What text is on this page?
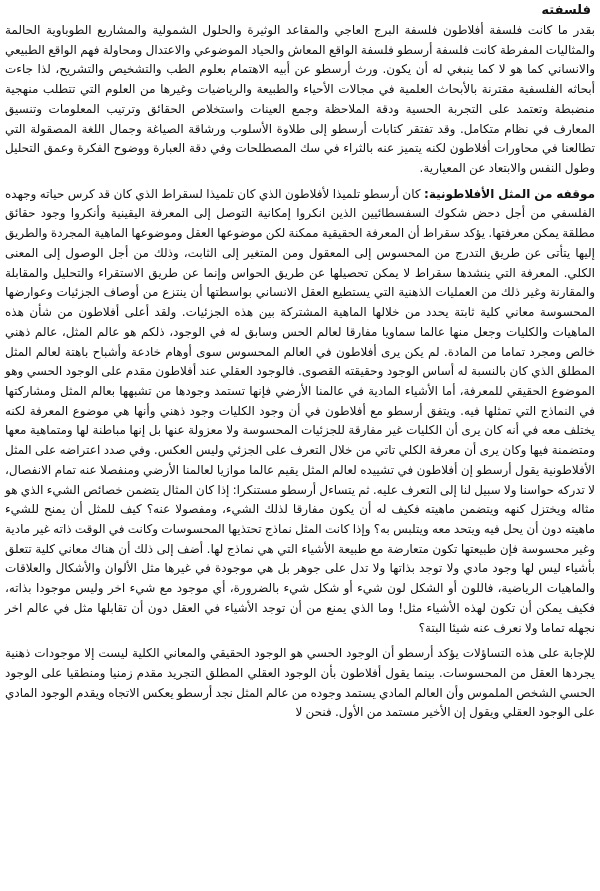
فلسفته

بقدر ما كانت فلسفة أفلاطون فلسفة البرج العاجي والمقاعد الوثيرة والحلول الشمولية والمشاريع الطوباوية الحالمة والمثاليات المفرطة كانت فلسفة أرسطو فلسفة الواقع المعاش والحياد الموضوعي والاعتدال ومحاولة فهم الواقع الطبيعي والانساني كما هو لا كما ينبغي له أن يكون. ورث أرسطو عن أبيه الاهتمام بعلوم الطب والتشخيص والتشريح، لذا جاءت أبحاثه الفلسفية مقترنة بالأبحاث العلمية في مجالات الأحياء والطبيعة والرياضيات وغيرها من العلوم التي تتطلب منهجية منضبطة وتعتمد على التجربة الحسية ودقة الملاحظة وجمع العينات واستخلاص الحقائق وترتيب المعلومات وتنسيق المعارف في نظام متكامل. وقد تفتقر كتابات أرسطو إلى طلاوة الأسلوب ورشاقة الصياغة وجمال اللغة المصقولة التي تطالعنا في محاورات أفلاطون لكنه يتميز عنه بالثراء في سك المصطلحات وفي دقة العبارة ووضوح الفكرة وعمق التحليل وطول النفس والابتعاد عن المعيارية.

موقفه من المثل الأفلاطونية: كان أرسطو تلميذا لأفلاطون الذي كان تلميذا لسقراط الذي كان قد كرس حياته وجهده الفلسفي من أجل دحض شكوك السفسطائيين الذين انكروا إمكانية التوصل إلى المعرفة اليقينية وأنكروا وجود حقائق مطلقة يمكن معرفتها. يؤكد سقراط أن المعرفة الحقيقية ممكنة لكن موضوعها العقل وموضوعها الماهية المجردة والطريق إليها يتأتى عن طريق التدرج من المحسوس إلى المعقول ومن المتغير إلى الثابت، وذلك من أجل الوصول إلى المعنى الكلي. المعرفة التي ينشدها سقراط لا يمكن تحصيلها عن طريق الحواس وإنما عن طريق الاستقراء والتحليل والمقابلة والمقارنة وغير ذلك من العمليات الذهنية التي يستطيع العقل الانساني بواسطتها أن ينتزع من أوصاف الجزئيات وعوارضها المحسوسة معاني كلية ثابتة يحدد من خلالها الماهية المشتركة بين هذه الجزئيات. ولقد أعلى أفلاطون من شأن هذه الماهيات والكليات وجعل منها عالما سماويا مفارقا لعالم الحس وسابق له في الوجود، ذلكم هو عالم المثل، عالم ذهني خالص ومجرد تماما من المادة. لم يكن يرى أفلاطون في العالم المحسوس سوى أوهام خادعة وأشباح باهتة لعالم المثل المطلق الذي كان بالنسبة له أساس الوجود وحقيقته القصوى. فالوجود العقلي عند أفلاطون مقدم على الوجود الحسي وهو الموضوع الحقيقي للمعرفة، أما الأشياء المادية في عالمنا الأرضي فإنها تستمد وجودها من تشبهها بعالم المثل ومشاركتها في النماذج التي تمثلها فيه. ويتفق أرسطو مع أفلاطون في أن وجود الكليات وجود ذهني وأنها هي موضوع المعرفة لكنه يختلف معه في أنه كان يرى أن الكليات غير مفارقة للجزئيات المحسوسة ولا معزولة عنها بل إنها مباطنة لها ومتماهية معها ومتضمنة فيها وكان يرى أن معرفة الكلي تاتي من خلال التعرف على الجزئي وليس العكس. وفي صدد اعتراضه على المثل الأفلاطونية يقول أرسطو إن أفلاطون في تشييده لعالم المثل يقيم عالما موازيا لعالمنا الأرضي ومنفصلا عنه تمام الانفصال، لا تدركه حواسنا ولا سبيل لنا إلى التعرف عليه. ثم يتساءل أرسطو مستنكرا: إذا كان المثال يتضمن خصائص الشيء الذي هو مثاله ويختزل كنهه ويتضمن ماهيته فكيف له أن يكون مفارقا لذلك الشيء، ومفصولا عنه؟ كيف للمثل أن يمنح للشيء ماهيته دون أن يحل فيه ويتحد معه ويتلبس به؟ وإذا كانت المثل نماذج تحتذيها المحسوسات وكانت في الوقت ذاته غير مادية وغير محسوسة فإن طبيعتها تكون متعارضة مع طبيعة الأشياء التي هي نماذج لها. أضف إلى ذلك أن هناك معاني كلية تتعلق بأشياء ليس لها وجود مادي ولا توجد بذاتها ولا تدل على جوهر بل هي موجودة في غيرها مثل الألوان والأشكال والعلاقات والماهيات الرياضية، فاللون أو الشكل لون شيء أو شكل شيء بالضرورة، أي موجود مع شيء اخر وليس موجودا بذاته، فكيف يمكن أن تكون لهذه الأشياء مثل! وما الذي يمنع من أن توجد الأشياء في العقل دون أن تقابلها مثل في عالم اخر نجهله تماما ولا نعرف عنه شيئا البتة؟

للإجابة على هذه التساؤلات يؤكد أرسطو أن الوجود الحسي هو الوجود الحقيقي والمعاني الكلية ليست إلا موجودات ذهنية يجردها العقل من المحسوسات. بينما يقول أفلاطون بأن الوجود العقلي المطلق التجريد مقدم زمنيا ومنطقيا على الوجود الحسي الشخص الملموس وأن العالم المادي يستمد وجوده من عالم المثل نجد أرسطو يعكس الاتجاه ويقدم الوجود المادي على الوجود العقلي ويقول إن الأخير مستمد من الأول. فنحن لا
